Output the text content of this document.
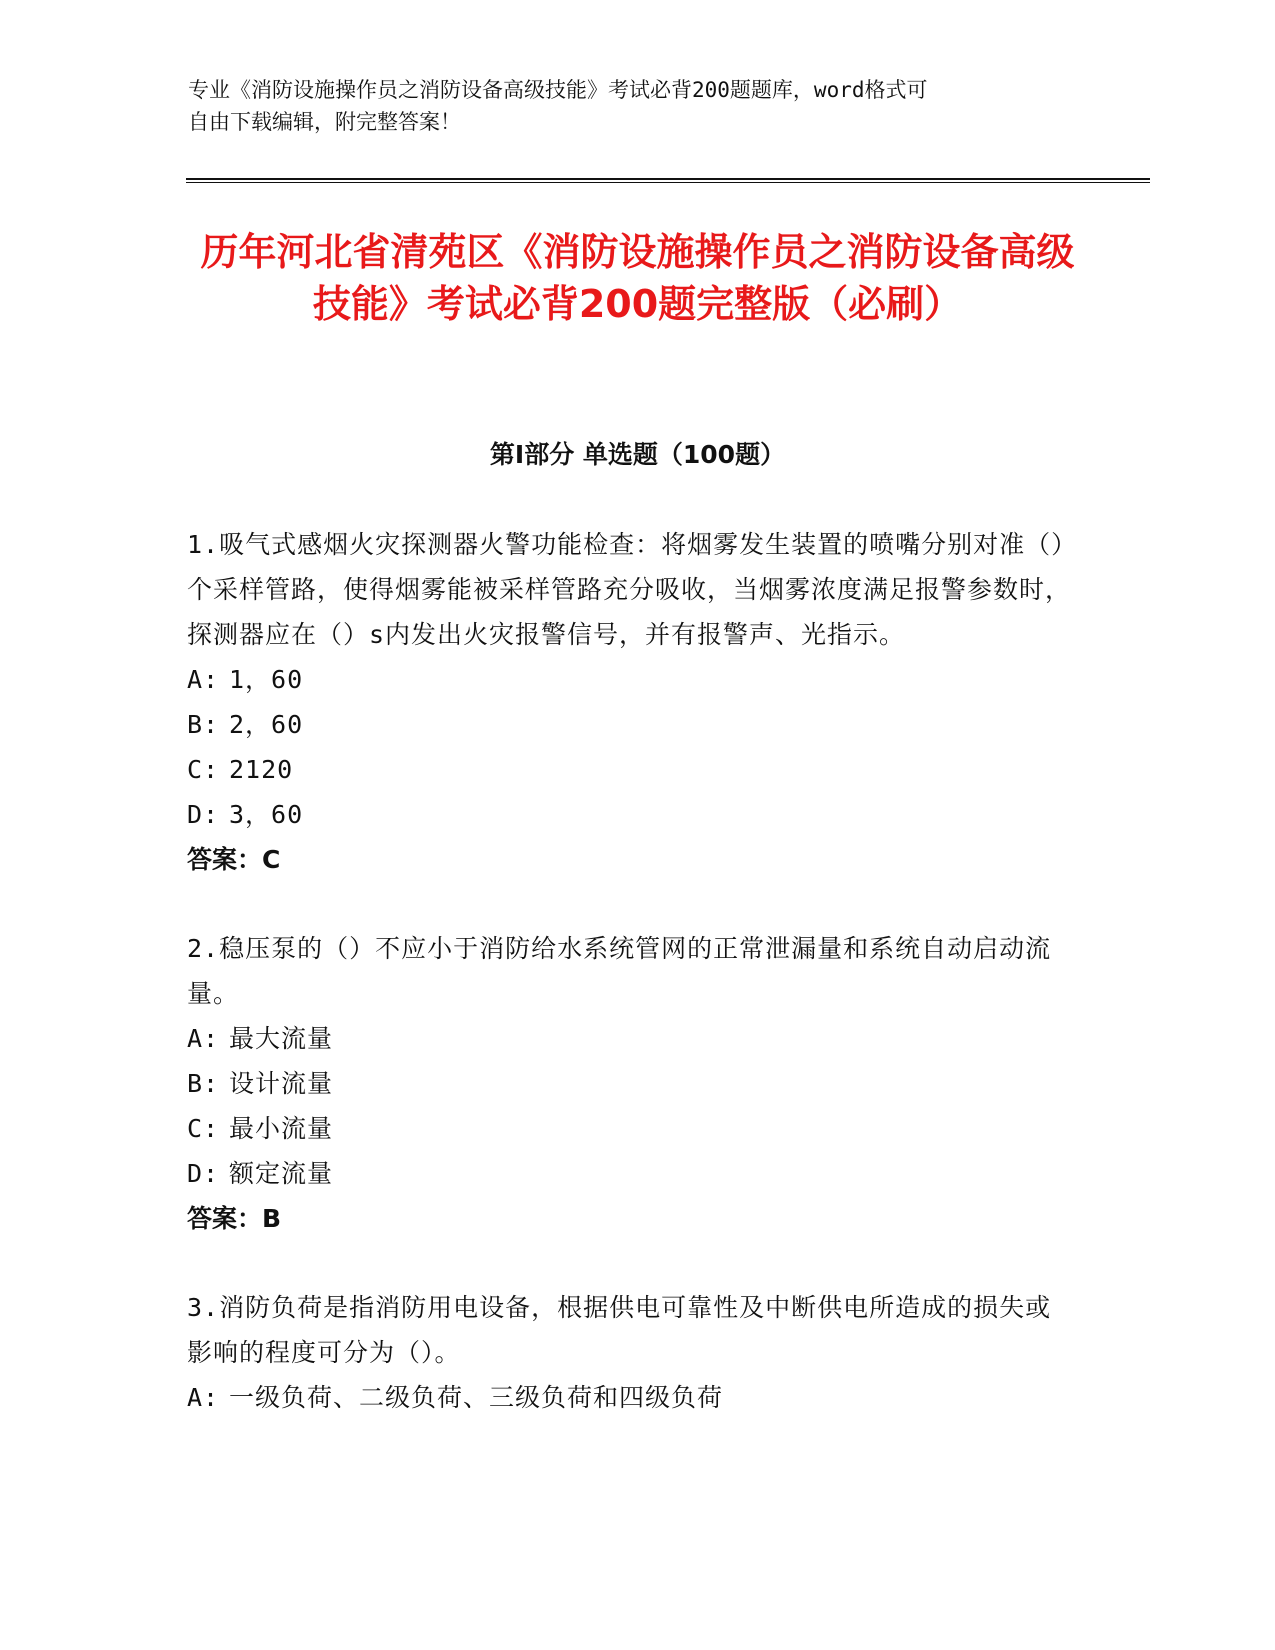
专业《消防设施操作员之消防设备高级技能》考试必背200题题库，word格式可
自由下载编辑，附完整答案！
历年河北省清苑区《消防设施操作员之消防设备高级技能》考试必背200题完整版（必刷）
第Ⅰ部分 单选题（100题）

1.吸气式感烟火灾探测器火警功能检查：将烟雾发生装置的喷嘴分别对准（）个采样管路，使得烟雾能被采样管路充分吸收，当烟雾浓度满足报警参数时，探测器应在（）s内发出火灾报警信号，并有报警声、光指示。

A: 1，60

B: 2，60

C: 2120

D: 3，60

答案：C

2.稳压泵的（）不应小于消防给水系统管网的正常泄漏量和系统自动启动流量。

A: 最大流量

B: 设计流量

C: 最小流量

D: 额定流量

答案：B

3.消防负荷是指消防用电设备，根据供电可靠性及中断供电所造成的损失或影响的程度可分为（）。

A: 一级负荷、二级负荷、三级负荷和四级负荷
